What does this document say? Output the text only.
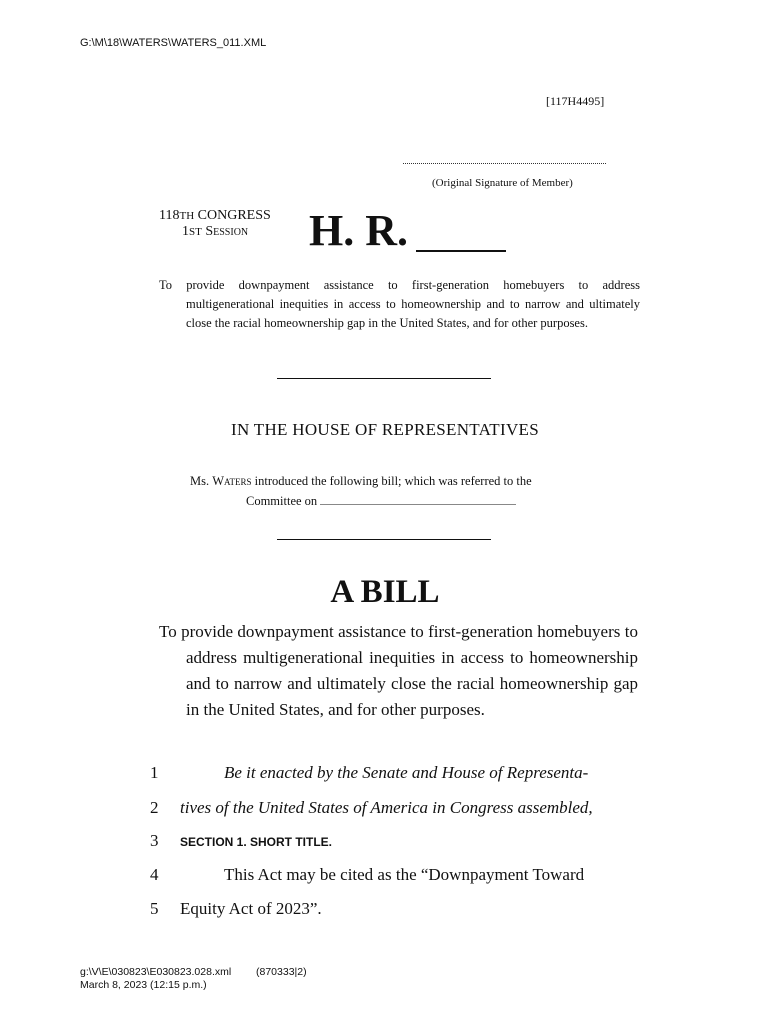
G:\M\18\WATERS\WATERS_011.XML
[117H4495]
(Original Signature of Member)
118TH CONGRESS
1ST Session	H. R.
To provide downpayment assistance to first-generation homebuyers to address multigenerational inequities in access to homeownership and to narrow and ultimately close the racial homeownership gap in the United States, and for other purposes.
IN THE HOUSE OF REPRESENTATIVES
Ms. Waters introduced the following bill; which was referred to the
Committee on
A BILL
To provide downpayment assistance to first-generation homebuyers to address multigenerational inequities in access to homeownership and to narrow and ultimately close the racial homeownership gap in the United States, and for other purposes.
1	Be it enacted by the Senate and House of Representa-
2 tives of the United States of America in Congress assembled,
3 SECTION 1. SHORT TITLE.
4	This Act may be cited as the “Downpayment Toward
5 Equity Act of 2023”.
g:\V\E\030823\E030823.028.xml
March 8, 2023 (12:15 p.m.)
(870333|2)
